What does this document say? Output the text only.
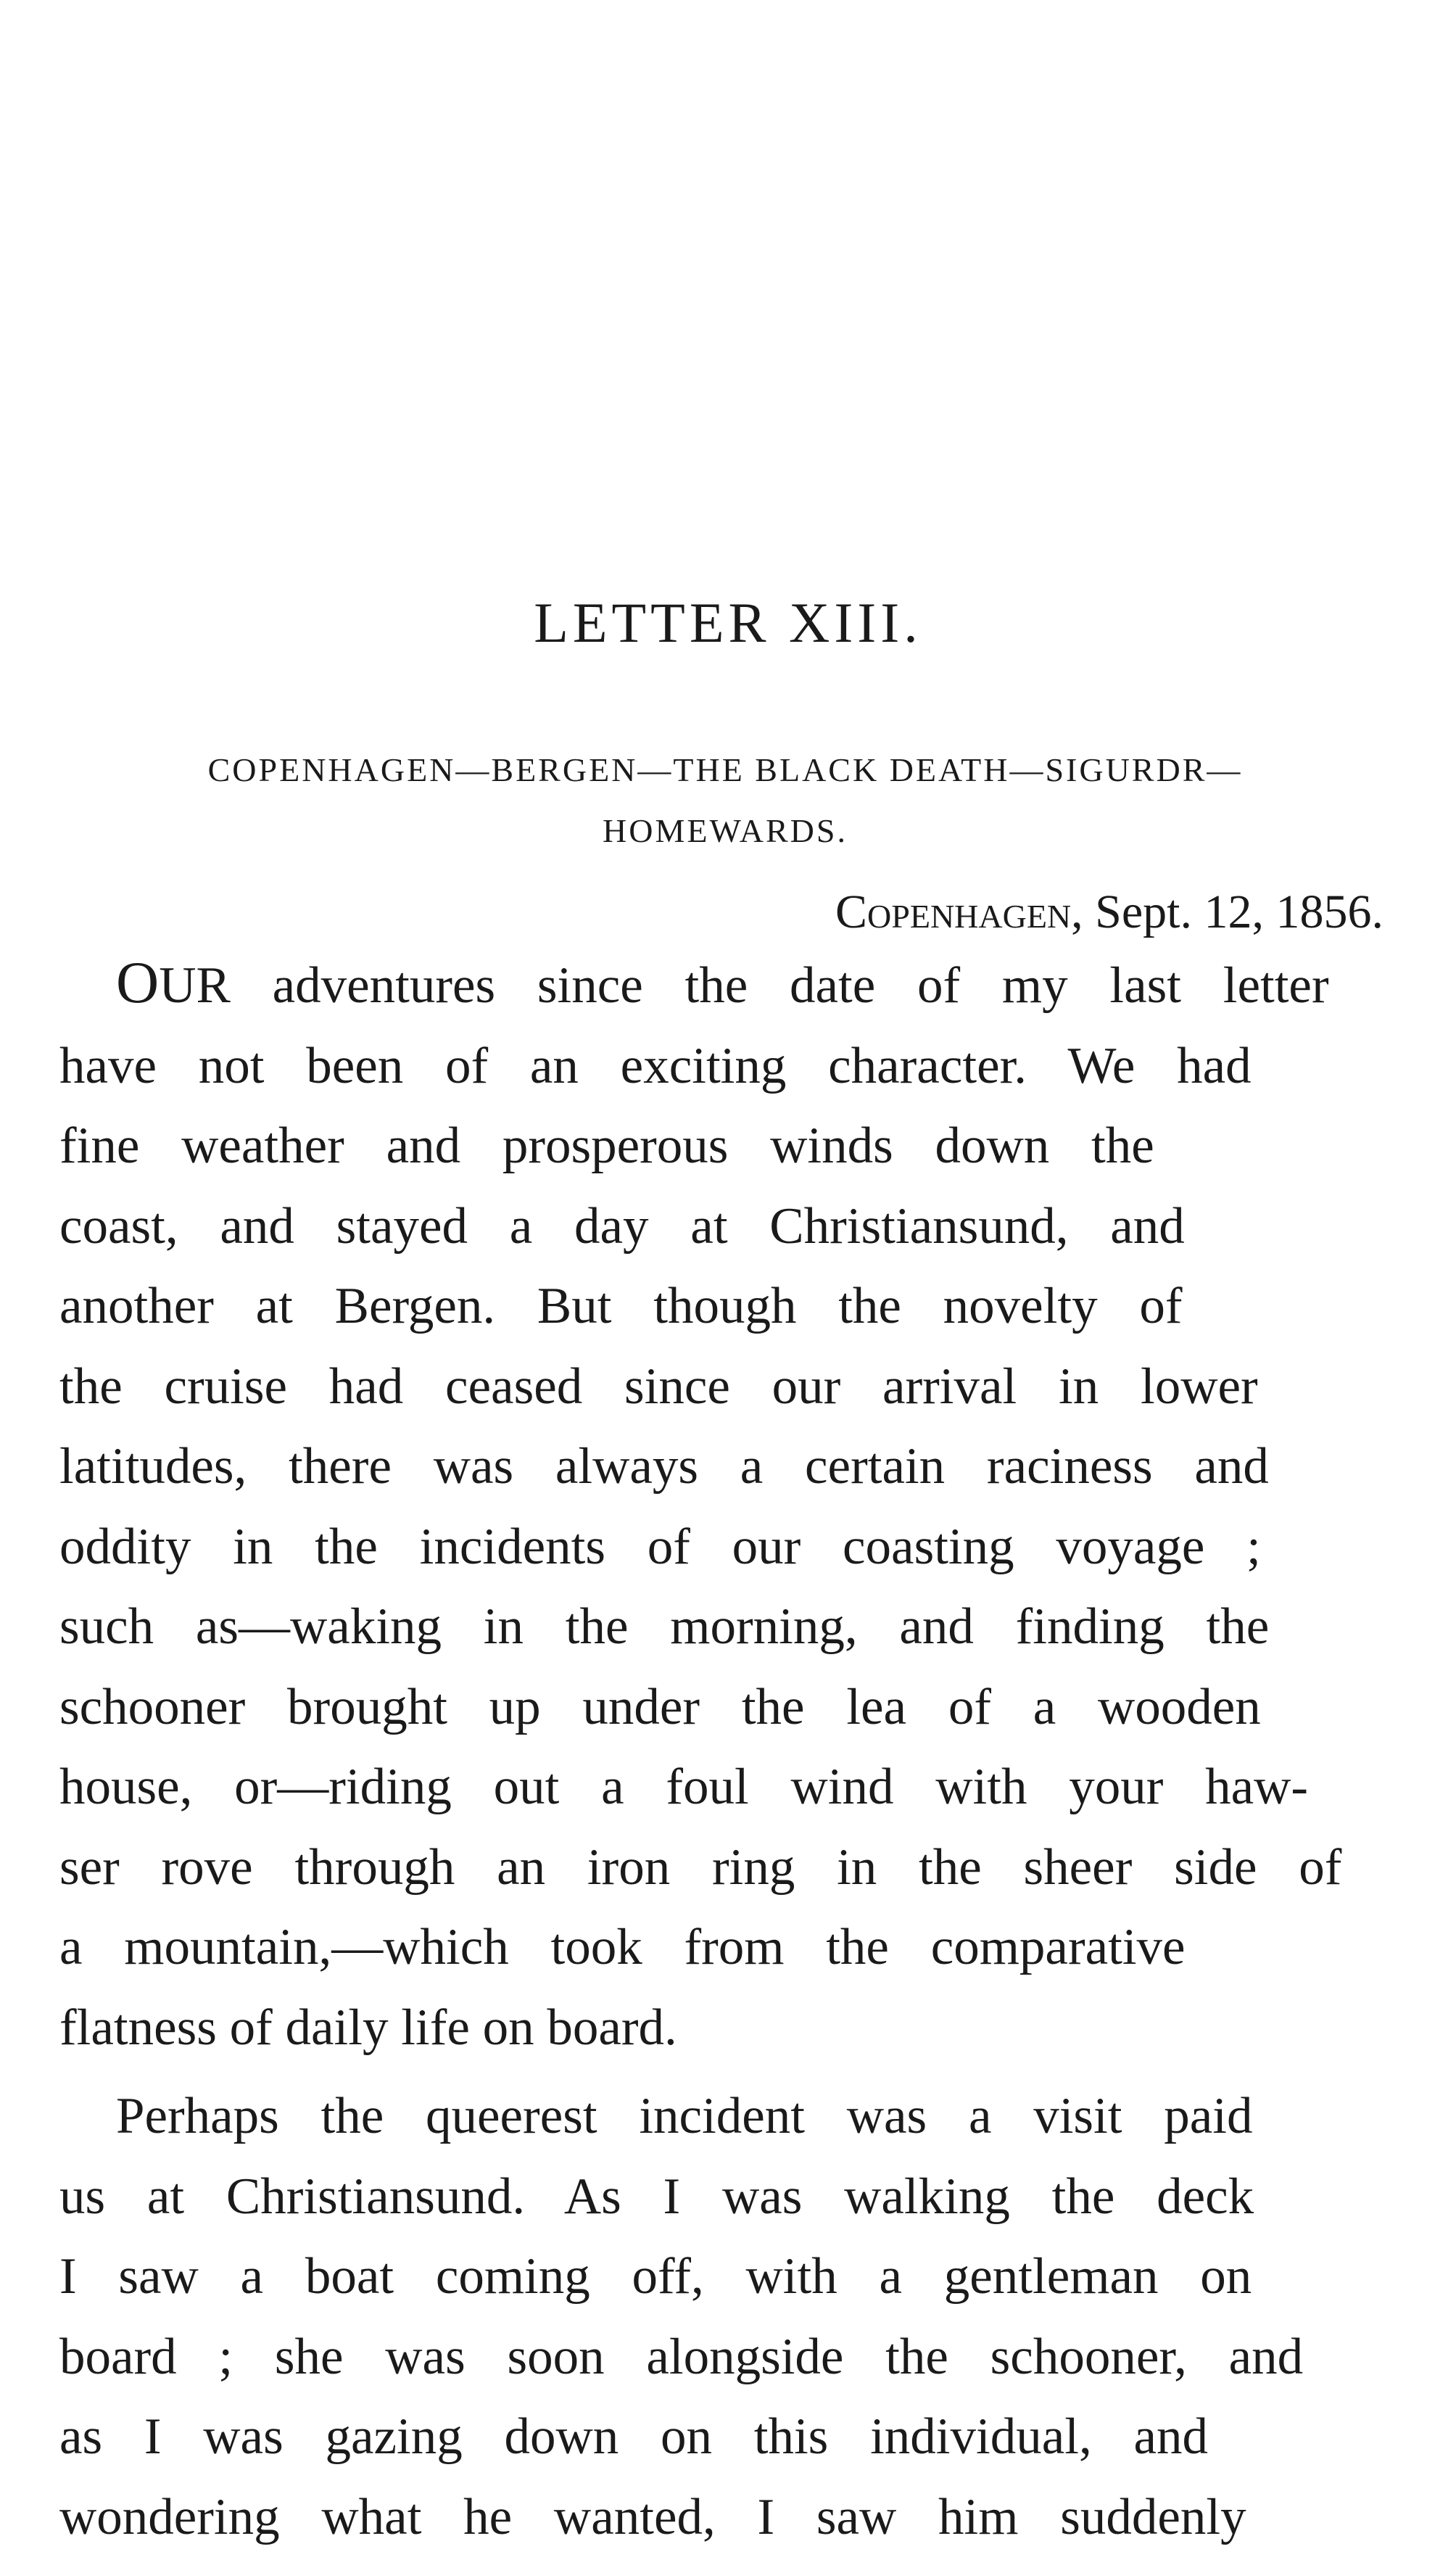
LETTER XIII.
COPENHAGEN—BERGEN—THE BLACK DEATH—SIGURDR—
HOMEWARDS.
Copenhagen, Sept. 12, 1856.
OUR adventures since the date of my last letter
have not been of an exciting character. We had
fine weather and prosperous winds down the
coast, and stayed a day at Christiansund, and
another at Bergen. But though the novelty of
the cruise had ceased since our arrival in lower
latitudes, there was always a certain raciness and
oddity in the incidents of our coasting voyage ;
such as—waking in the morning, and finding the
schooner brought up under the lea of a wooden
house, or—riding out a foul wind with your haw-
ser rove through an iron ring in the sheer side of
a mountain,—which took from the comparative
flatness of daily life on board.
Perhaps the queerest incident was a visit paid
us at Christiansund. As I was walking the deck
I saw a boat coming off, with a gentleman on
board ; she was soon alongside the schooner, and
as I was gazing down on this individual, and
wondering what he wanted, I saw him suddenly
